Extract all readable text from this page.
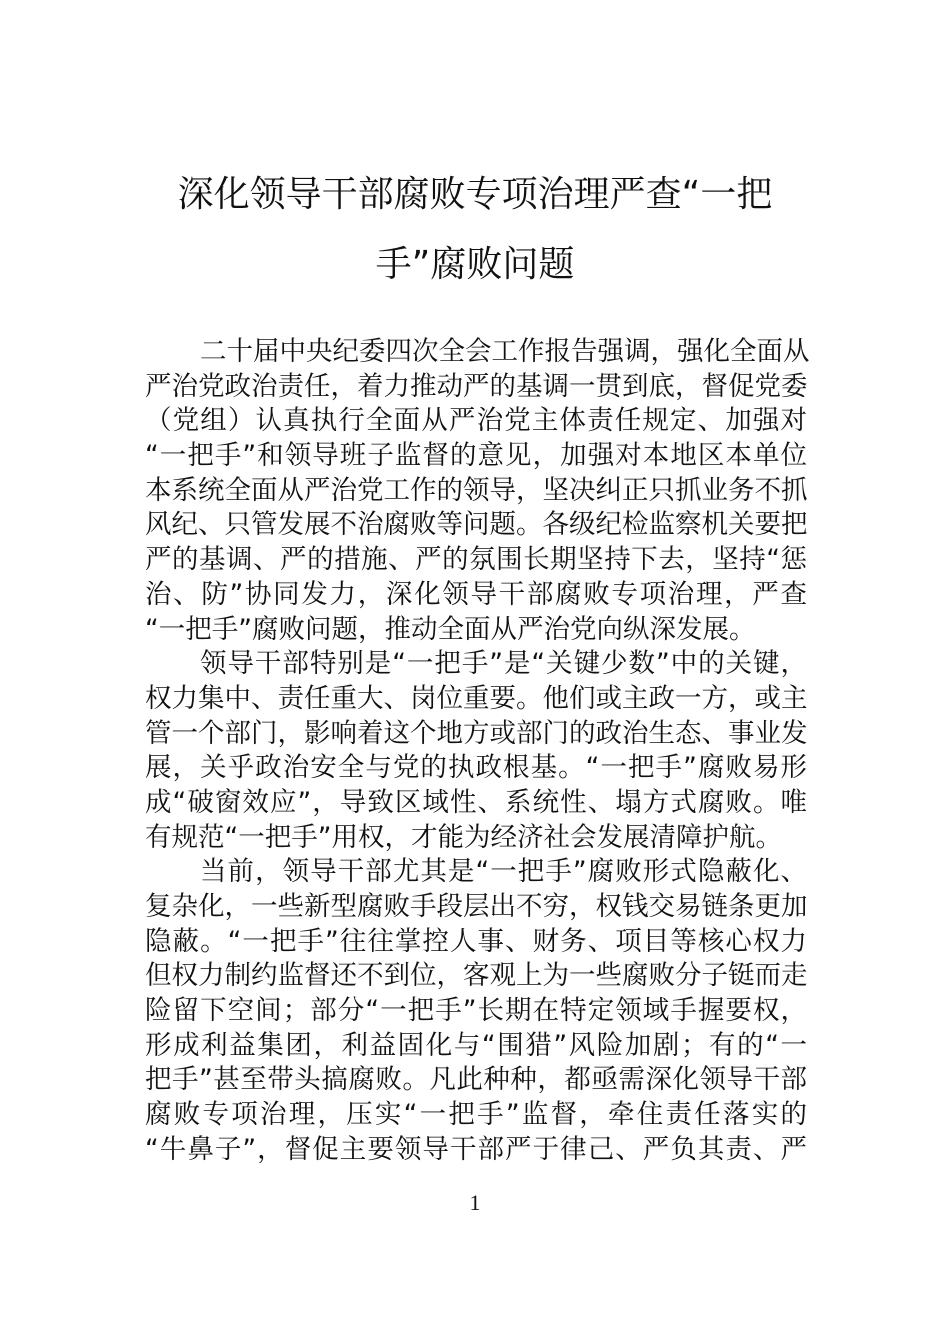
深化领导干部腐败专项治理严查“一把
手”腐败问题
二十届中央纪委四次全会工作报告强调，强化全面从
严治党政治责任，着力推动严的基调一贯到底，督促党委
（党组）认真执行全面从严治党主体责任规定、加强对
“一把手”和领导班子监督的意见，加强对本地区本单位
本系统全面从严治党工作的领导，坚决纠正只抓业务不抓
风纪、只管发展不治腐败等问题。各级纪检监察机关要把
严的基调、严的措施、严的氛围长期坚持下去，坚持“惩
治、防”协同发力，深化领导干部腐败专项治理，严查
“一把手”腐败问题，推动全面从严治党向纵深发展。
领导干部特别是“一把手”是“关键少数”中的关键，
权力集中、责任重大、岗位重要。他们或主政一方，或主
管一个部门，影响着这个地方或部门的政治生态、事业发
展，关乎政治安全与党的执政根基。“一把手”腐败易形
成“破窗效应”，导致区域性、系统性、塌方式腐败。唯
有规范“一把手”用权，才能为经济社会发展清障护航。
当前，领导干部尤其是“一把手”腐败形式隐蔽化、
复杂化，一些新型腐败手段层出不穷，权钱交易链条更加
隐蔽。“一把手”往往掌控人事、财务、项目等核心权力
但权力制约监督还不到位，客观上为一些腐败分子铤而走
险留下空间；部分“一把手”长期在特定领域手握要权，
形成利益集团，利益固化与“围猎”风险加剧；有的“一
把手”甚至带头搞腐败。凡此种种，都亟需深化领导干部
腐败专项治理，压实“一把手”监督，牵住责任落实的
“牛鼻子”，督促主要领导干部严于律己、严负其责、严
1
